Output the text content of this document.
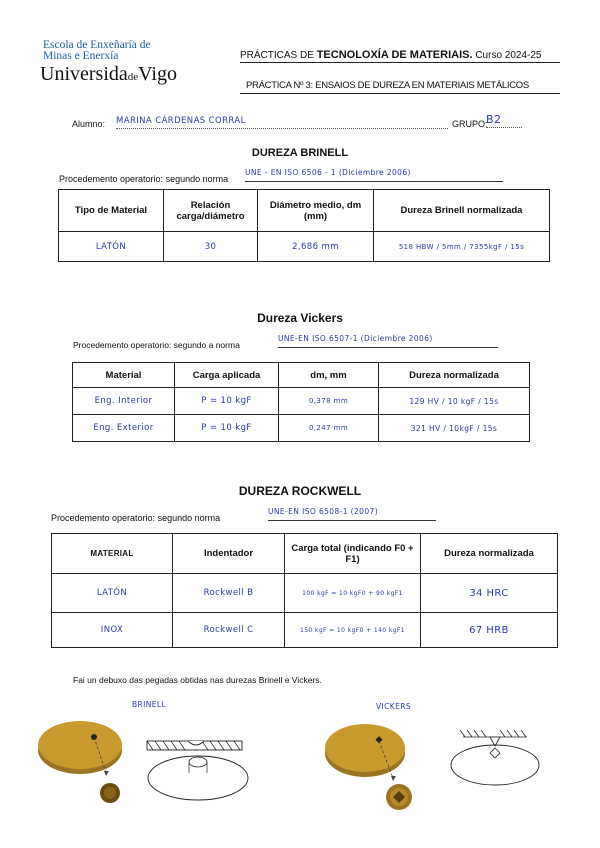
Escola de Enxeñaría de
Minas e Enerxía
UniversidadeVigo
PRÁCTICAS DE TECNOLOXÍA DE MATERIAIS. Curso 2024-25
PRÁCTICA Nº 3: ENSAIOS DE DUREZA EN MATERIAIS METÁLICOS
Alumno: MARINA CÁRDENAS CORRAL	GRUPO:
B2
DUREZA BRINELL
Procedemento operatorio: segundo norma
UNE - EN ISO 6506 - 1 (Diciembre 2006)
Tipo de Material	Relación carga/diámetro	Diámetro medio, dm (mm)	Dureza Brinell normalizada
LATÓN	30	2,686 mm	518 HBW / 5mm / 7355kgF / 15s
Dureza Vickers
Procedemento operatorio: segundo a norma
UNE-EN ISO 6507-1 (Diciembre 2006)
Material	Carga aplicada	dm, mm	Dureza normalizada
Eng. Interior	P = 10 kgF	0,378 mm	129 HV / 10 kgF / 15s
Eng. Exterior	P = 10 kgF	0,247 mm	321 HV / 10kgF / 15s
DUREZA ROCKWELL
Procedemento operatorio: segundo norma
UNE-EN ISO 6508-1 (2007)
MATERIAL	Indentador	Carga total (indicando F0 + F1)	Dureza normalizada
LATÓN	Rockwell B	100 kgF = 10 kgF0 + 90 kgF1	34 HRC
INOX	Rockwell C	150 kgF = 10 kgF0 + 140 kgF1	67 HRB
Fai un debuxo das pegadas obtidas nas durezas Brinell e Vickers.
BRINELL	VICKERS
